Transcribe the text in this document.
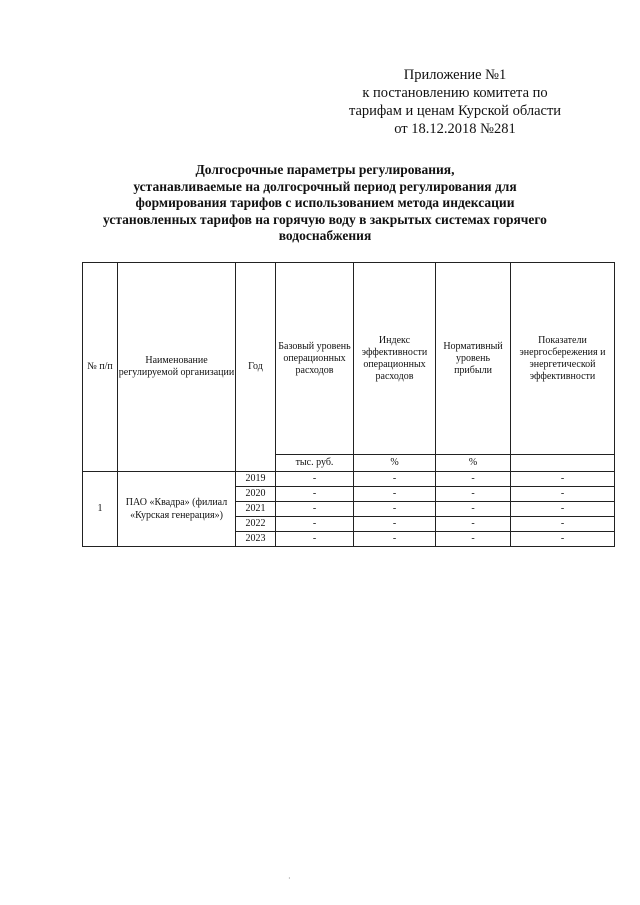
Приложение №1
к постановлению комитета по
тарифам и ценам Курской области
от 18.12.2018 №281
Долгосрочные параметры регулирования,
устанавливаемые на долгосрочный период регулирования для
формирования тарифов с использованием метода индексации
установленных тарифов на горячую воду в закрытых системах горячего
водоснабжения
№ п/п	Наименование регулируемой организации	Год	Базовый уровень операционных расходов	Индекс эффективности операционных расходов	Нормативный уровень прибыли	Показатели энергосбережения и энергетической эффективности
			тыс. руб.	%	%	
1	ПАО «Квадра» (филиал «Курская генерация»)	2019	-	-	-	-
		2020	-	-	-	-
		2021	-	-	-	-
		2022	-	-	-	-
		2023	-	-	-	-
·
